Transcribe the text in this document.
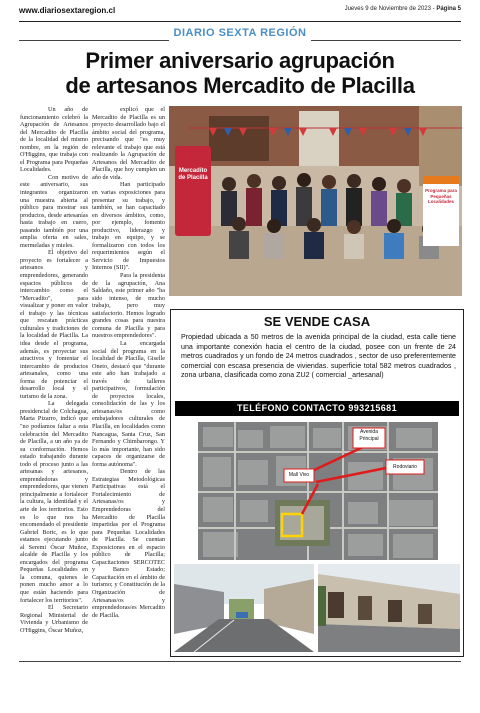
www.diariosextaregion.cl	Jueves 9 de Noviembre de 2023 - Página 5
DIARIO SEXTA REGIÓN
Primer aniversario agrupación
de artesanos Mercadito de Placilla

Un año de funcionamiento celebró la Agrupación de Artesanos del Mercadito de Placilla de la localidad del mismo nombre, en la región de O'Higgins, que trabaja con el Programa para Pequeñas Localidades.

Con motivo de este aniversario, sus integrantes organizaron una muestra abierta al público para mostrar sus productos, desde artesanías hasta trabajo en cuero, pasando también por una amplia oferta en sales, mermeladas y mieles.

El objetivo del proyecto es fortalecer a artesanos y emprendedores, generando espacios públicos de intercambio como el "Mercadito", para visualizar y poner en valor el trabajo y las técnicas que rescatan prácticas culturales y tradiciones de la localidad de Placilla. La idea desde el programa, además, es proyectar sus atractivos y fomentar el intercambio de productos artesanales, como una forma de potenciar el desarrollo local y el turismo de la zona.

La delegada presidencial de Colchagua, Marta Pizarro, indicó que "no podíamos faltar a esta celebración del Mercadito de Placilla, a un año ya de su conformación. Hemos estado trabajando durante todo el proceso junto a las artesanas y artesanos, emprendedoras y emprendedores, que vienen principalmente a fortalecer la cultura, la identidad y el arte de los territorios. Esto es lo que nos ha encomendado el presidente Gabriel Boric, es lo que estamos ejecutando junto al Seremi Óscar Muñoz, alcalde de Placilla y los encargados del programa Pequeñas Localidades en la comuna, quienes le ponen mucho amor a lo que están haciendo para fortalecer los territorios".

El Secretario Regional Ministerial de Vivienda y Urbanismo de O'Higgins, Óscar Muñoz,

explicó que el Mercadito de Placilla es un proyecto desarrollado bajo el ámbito social del programa, precisando que "es muy relevante el trabajo que está realizando la Agrupación de Artesanos del Mercadito de Placilla, que hoy cumplen un año de vida.

Han participado en varias exposiciones para presentar su trabajo, y también, se han capacitado en diversos ámbitos, como, por ejemplo, fomento productivo, liderazgo y trabajo en equipo, y se formalizaron con todos los requerimientos según el Servicio de Impuestos Internos (SII)".

Para la presidenta de la agrupación, Ana Saldaño, este primer año "ha sido intenso, de mucho trabajo, pero muy satisfactorio. Hemos logrado grandes cosas para nuestra comuna de Placilla y para nuestros emprendedores".

La encargada social del programa en la localidad de Placilla, Giselle Oneto, destacó que "durante este año han trabajado a través de talleres participativos, formulación de proyectos locales, consolidación de las y los artesanas/os como embajadores culturales de Placilla, en localidades como Nancagua, Santa Cruz, San Fernando y Chimbarongo. Y lo más importante, han sido capaces de organizarse de forma autónoma".

Dentro de las Estrategias Metodológicas Participativas está el Fortalecimiento de Artesanas/os y Emprendedoras del Mercadito de Placilla impartidas por el Programa para Pequeñas Localidades de Placilla. Se cuentan Exposiciones en el espacio público de Placilla; Capacitaciones SERCOTEC y Banco Estado; Capacitación en el ámbito de turismo; y Constitución de la Organización de Artesanas/os y emprendedoras/es Mercadito de Placilla.

Mercadito de Placilla
Programa para Pequeñas Localidades
SE VENDE CASA
Propiedad ubicada a 50 metros de la avenida principal de la ciudad, esta calle tiene una importante conexión hacia el centro de la ciudad, posee con un frente de 24 metros cuadrados y un fondo de 24 metros cuadrados , sector de uso preferentemente comercial con escasa presencia de viviendas. superficie total 582 metros cuadrados , zona urbana, clasificada como zona ZU2 ( comercial _artesanal)
TELÉFONO CONTACTO 993215681
Avenida Principal
Rodoviario
Mall Vivo
